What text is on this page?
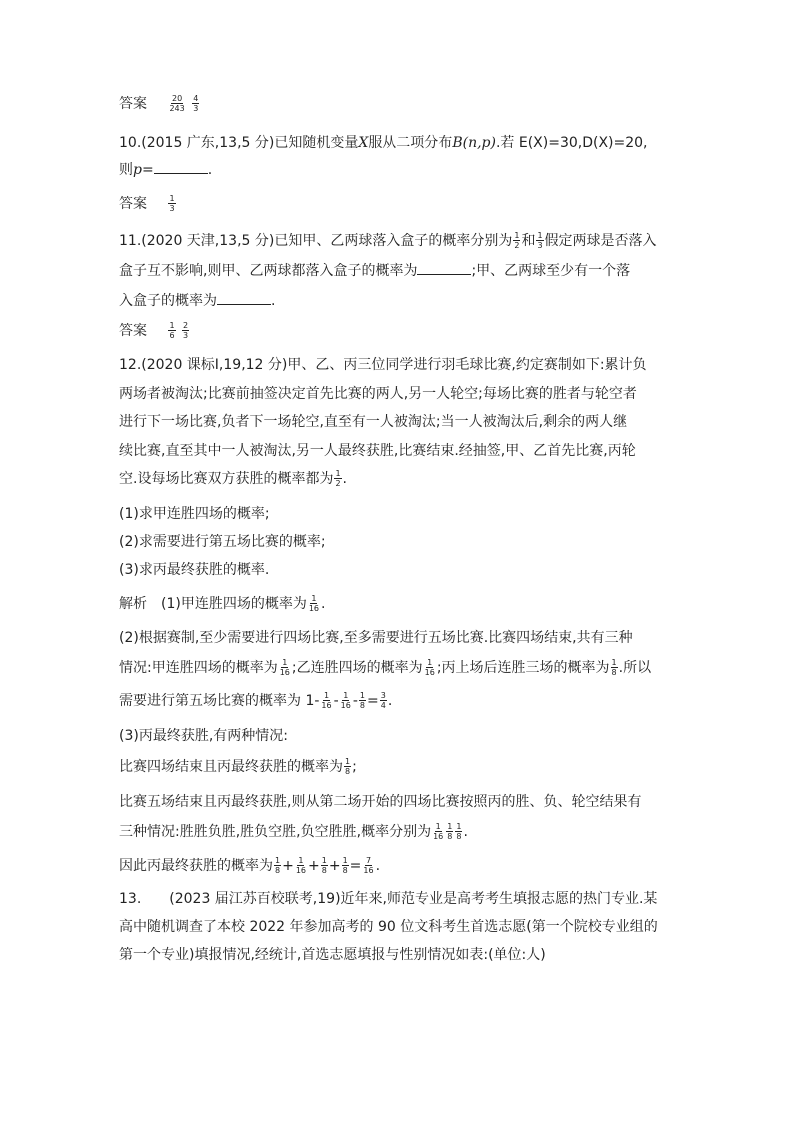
答案	$\frac{20}{243}$
$\frac{4}{3}$
10.(2015 广东,13,5 分)已知随机变量X服从二项分布B(n,p).若 E(X)=30,D(X)=20,
则p=	.
答案	$\frac{1}{3}$
11.(2020 天津,13,5 分)已知甲、乙两球落入盒子的概率分别为 $\frac{1}{2}$ 和 $\frac{1}{3}$ 假定两球是否落入
盒子互不影响,则甲、乙两球都落入盒子的概率为	;甲、乙两球至少有一个落
入盒子的概率为	.
答案	$\frac{1}{6}$
$\frac{2}{3}$
12.(2020 课标Ⅰ,19,12 分)甲、乙、丙三位同学进行羽毛球比赛,约定赛制如下:累计负
两场者被淘汰;比赛前抽签决定首先比赛的两人,另一人轮空;每场比赛的胜者与轮空者
进行下一场比赛,负者下一场轮空,直至有一人被淘汰;当一人被淘汰后,剩余的两人继
续比赛,直至其中一人被淘汰,另一人最终获胜,比赛结束.经抽签,甲、乙首先比赛,丙轮
空.设每场比赛双方获胜的概率都为 $\frac{1}{2}$ .
(1)求甲连胜四场的概率;
(2)求需要进行第五场比赛的概率;
(3)求丙最终获胜的概率.
解析 (1)甲连胜四场的概率为 $\frac{1}{16}$ .
(2)根据赛制,至少需要进行四场比赛,至多需要进行五场比赛.比赛四场结束,共有三种
情况:甲连胜四场的概率为 $\frac{1}{16}$ ;乙连胜四场的概率为 $\frac{1}{16}$ ;丙上场后连胜三场的概率为 $\frac{1}{8}$ .所以
需要进行第五场比赛的概率为 $1- \frac{1}{16} - \frac{1}{16} - \frac{1}{8} = \frac{3}{4}$ .
(3)丙最终获胜,有两种情况:
比赛四场结束且丙最终获胜的概率为 $\frac{1}{8}$ ;
比赛五场结束且丙最终获胜,则从第二场开始的四场比赛按照丙的胜、负、轮空结果有
三种情况:胜胜负胜,胜负空胜,负空胜胜,概率分别为 $\frac{1}{16} \frac{1}{8} \frac{1}{8}$ .
因此丙最终获胜的概率为 $\frac{1}{8} + \frac{1}{16} + \frac{1}{8} + \frac{1}{8} = \frac{7}{16}$ .
13. (2023 届江苏百校联考,19)近年来,师范专业是高考考生填报志愿的热门专业.某
高中随机调查了本校 2022 年参加高考的 90 位文科考生首选志愿(第一个院校专业组的
第一个专业)填报情况,经统计,首选志愿填报与性别情况如表:(单位:人)
